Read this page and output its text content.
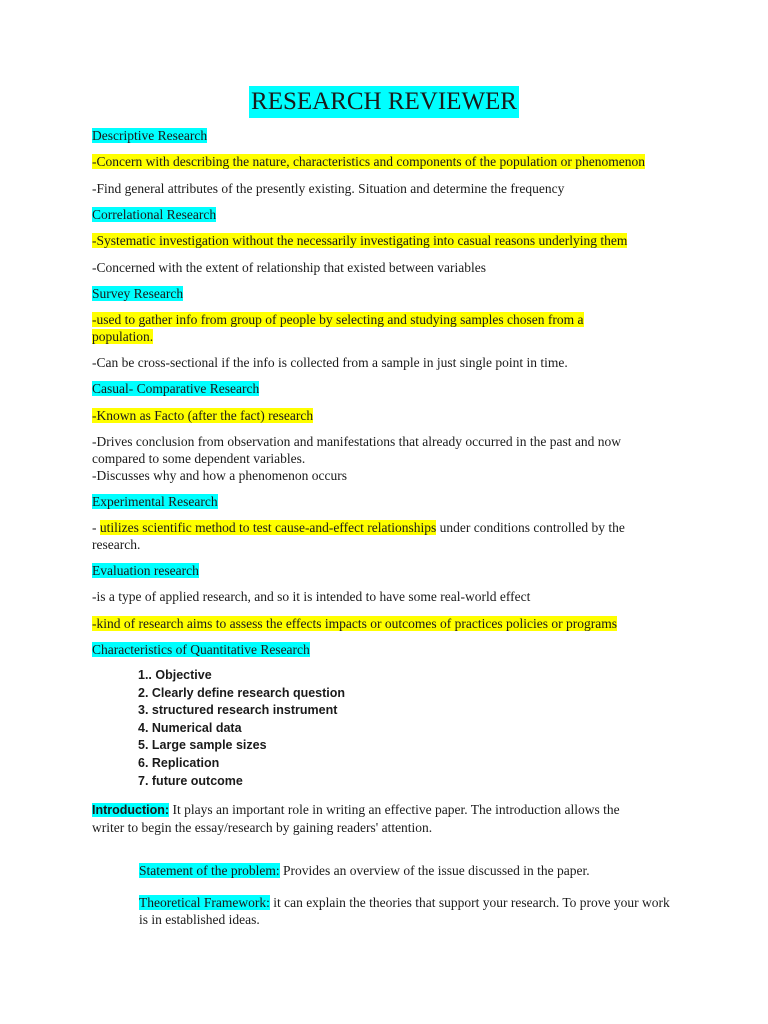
RESEARCH REVIEWER
Descriptive Research
-Concern with describing the nature, characteristics and components of the population or phenomenon
-Find general attributes of the presently existing. Situation and determine the frequency
Correlational Research
-Systematic investigation without the necessarily investigating into casual reasons underlying them
-Concerned with the extent of relationship that existed between variables
Survey Research
-used to gather info from group of people by selecting and studying samples chosen from a population.
-Can be cross-sectional if the info is collected from a sample in just single point in time.
Casual- Comparative Research
-Known as Facto (after the fact) research
-Drives conclusion from observation and manifestations that already occurred in the past and now compared to some dependent variables.
-Discusses why and how a phenomenon occurs
Experimental Research
- utilizes scientific method to test cause-and-effect relationships under conditions controlled by the research.
Evaluation research
-is a type of applied research, and so it is intended to have some real-world effect
-kind of research aims to assess the effects impacts or outcomes of practices policies or programs
Characteristics of Quantitative Research
1.. Objective
2. Clearly define research question
3. structured research instrument
4. Numerical data
5. Large sample sizes
6. Replication
7. future outcome
Introduction: It plays an important role in writing an effective paper. The introduction allows the writer to begin the essay/research by gaining readers' attention.
Statement of the problem: Provides an overview of the issue discussed in the paper.
Theoretical Framework: it can explain the theories that support your research. To prove your work is in established ideas.
